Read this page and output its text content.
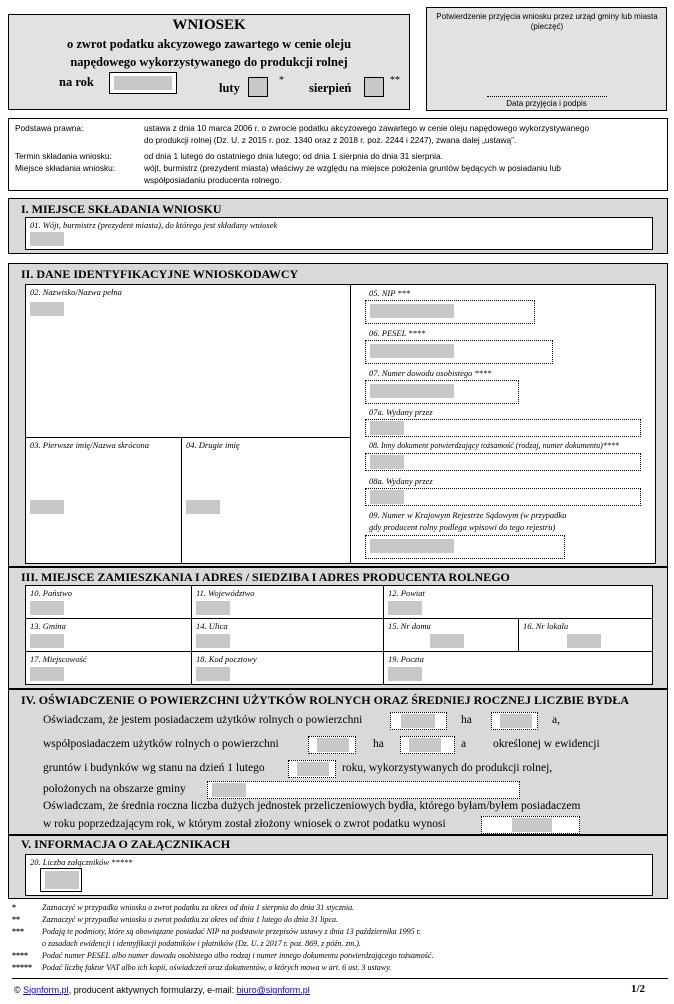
WNIOSEK
o zwrot podatku akcyzowego zawartego w cenie oleju
napędowego wykorzystywanego do produkcji rolnej
na rok	luty
*
sierpień
**
Potwierdzenie przyjęcia wniosku przez urząd gminy lub miasta (pieczęć)
Data przyjęcia i podpis
Podstawa prawna:	ustawa z dnia 10 marca 2006 r. o zwrocie podatku akcyzowego zawartego w cenie oleju napędowego wykorzystywanego
do produkcji rolnej (Dz. U. z 2015 r. poz. 1340 oraz z 2018 r. poz. 2244 i 2247), zwana dalej „ustawą”.
Termin składania wniosku:	od dnia 1 lutego do ostatniego dnia lutego; od dnia 1 sierpnia do dnia 31 sierpnia.
Miejsce składania wniosku:	wójt, burmistrz (prezydent miasta) właściwy ze względu na miejsce położenia gruntów będących w posiadaniu lub
współposiadaniu producenta rolnego.
I. MIEJSCE SKŁADANIA WNIOSKU
01. Wójt, burmistrz (prezydent miasta), do którego jest składany wniosek
II. DANE IDENTYFIKACYJNE WNIOSKODAWCY
02. Nazwisko/Nazwa pełna
03. Pierwsze imię/Nazwa skrócona	04. Drugie imię
05. NIP ***
06. PESEL ****
07. Numer dowodu osobistego ****
07a. Wydany przez
08. Inny dokument potwierdzający tożsamość (rodzaj, numer dokumentu)****
08a. Wydany przez
09. Numer w Krajowym Rejestrze Sądowym (w przypadku
gdy producent rolny podlega wpisowi do tego rejestru)
III. MIEJSCE ZAMIESZKANIA I ADRES / SIEDZIBA I ADRES PRODUCENTA ROLNEGO
10. Państwo	11. Województwo	12. Powiat
13. Gmina	14. Ulica	15. Nr domu	16. Nr lokalu
17. Miejscowość	18. Kod pocztowy	19. Poczta
IV. OŚWIADCZENIE O POWIERZCHNI UŻYTKÓW ROLNYCH ORAZ ŚREDNIEJ ROCZNEJ LICZBIE BYDŁA
Oświadczam, że jestem posiadaczem użytków rolnych o powierzchni	ha	a,
współposiadaczem użytków rolnych o powierzchni	ha	a określonej w ewidencji
gruntów i budynków wg stanu na dzień 1 lutego	roku, wykorzystywanych do produkcji rolnej,
położonych na obszarze gminy
Oświadczam, że średnia roczna liczba dużych jednostek przeliczeniowych bydła, którego byłam/byłem posiadaczem
w roku poprzedzającym rok, w którym został złożony wniosek o zwrot podatku wynosi
V. INFORMACJA O ZAŁĄCZNIKACH
20. Liczba załączników *****
*	Zaznaczyć w przypadku wniosku o zwrot podatku za okres od dnia 1 sierpnia do dnia 31 stycznia.
**	Zaznaczyć w przypadku wniosku o zwrot podatku za okres od dnia 1 lutego do dnia 31 lipca.
*** Podają te podmioty, które są obowiązane posiadać NIP na podstawie przepisów ustawy z dnia 13 października 1995 r.
o zasadach ewidencji i identyfikacji podatników i płatników (Dz. U. z 2017 r. poz. 869, z późn. zm.).
**** Podać numer PESEL albo numer dowodu osobistego albo rodzaj i numer innego dokumentu potwierdzającego tożsamość.
***** Podać liczbę faktur VAT albo ich kopii, oświadczeń oraz dokumentów, o których mowa w art. 6 ust. 3 ustawy.
© Signform.pl, producent aktywnych formularzy, e-mail: biuro@signform.pl	1/2
